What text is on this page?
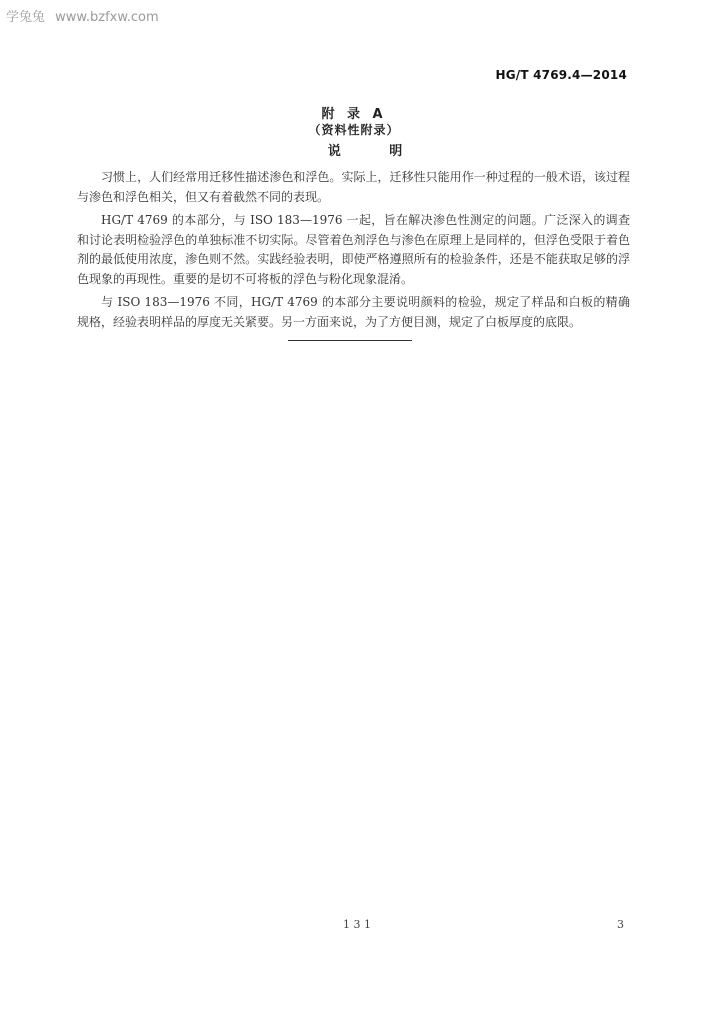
学兔兔 www.bzfxw.com
HG/T 4769.4—2014
附 录 A
（资料性附录）
说 明

习惯上，人们经常用迁移性描述渗色和浮色。实际上，迁移性只能用作一种过程的一般术语，该过程与渗色和浮色相关，但又有着截然不同的表现。

HG/T 4769 的本部分，与 ISO 183—1976 一起，旨在解决渗色性测定的问题。广泛深入的调查和讨论表明检验浮色的单独标准不切实际。尽管着色剂浮色与渗色在原理上是同样的，但浮色受限于着色剂的最低使用浓度，渗色则不然。实践经验表明，即使严格遵照所有的检验条件，还是不能获取足够的浮色现象的再现性。重要的是切不可将板的浮色与粉化现象混淆。

与 ISO 183—1976 不同，HG/T 4769 的本部分主要说明颜料的检验，规定了样品和白板的精确规格，经验表明样品的厚度无关紧要。另一方面来说，为了方便目测，规定了白板厚度的底限。

1 3 1	3
